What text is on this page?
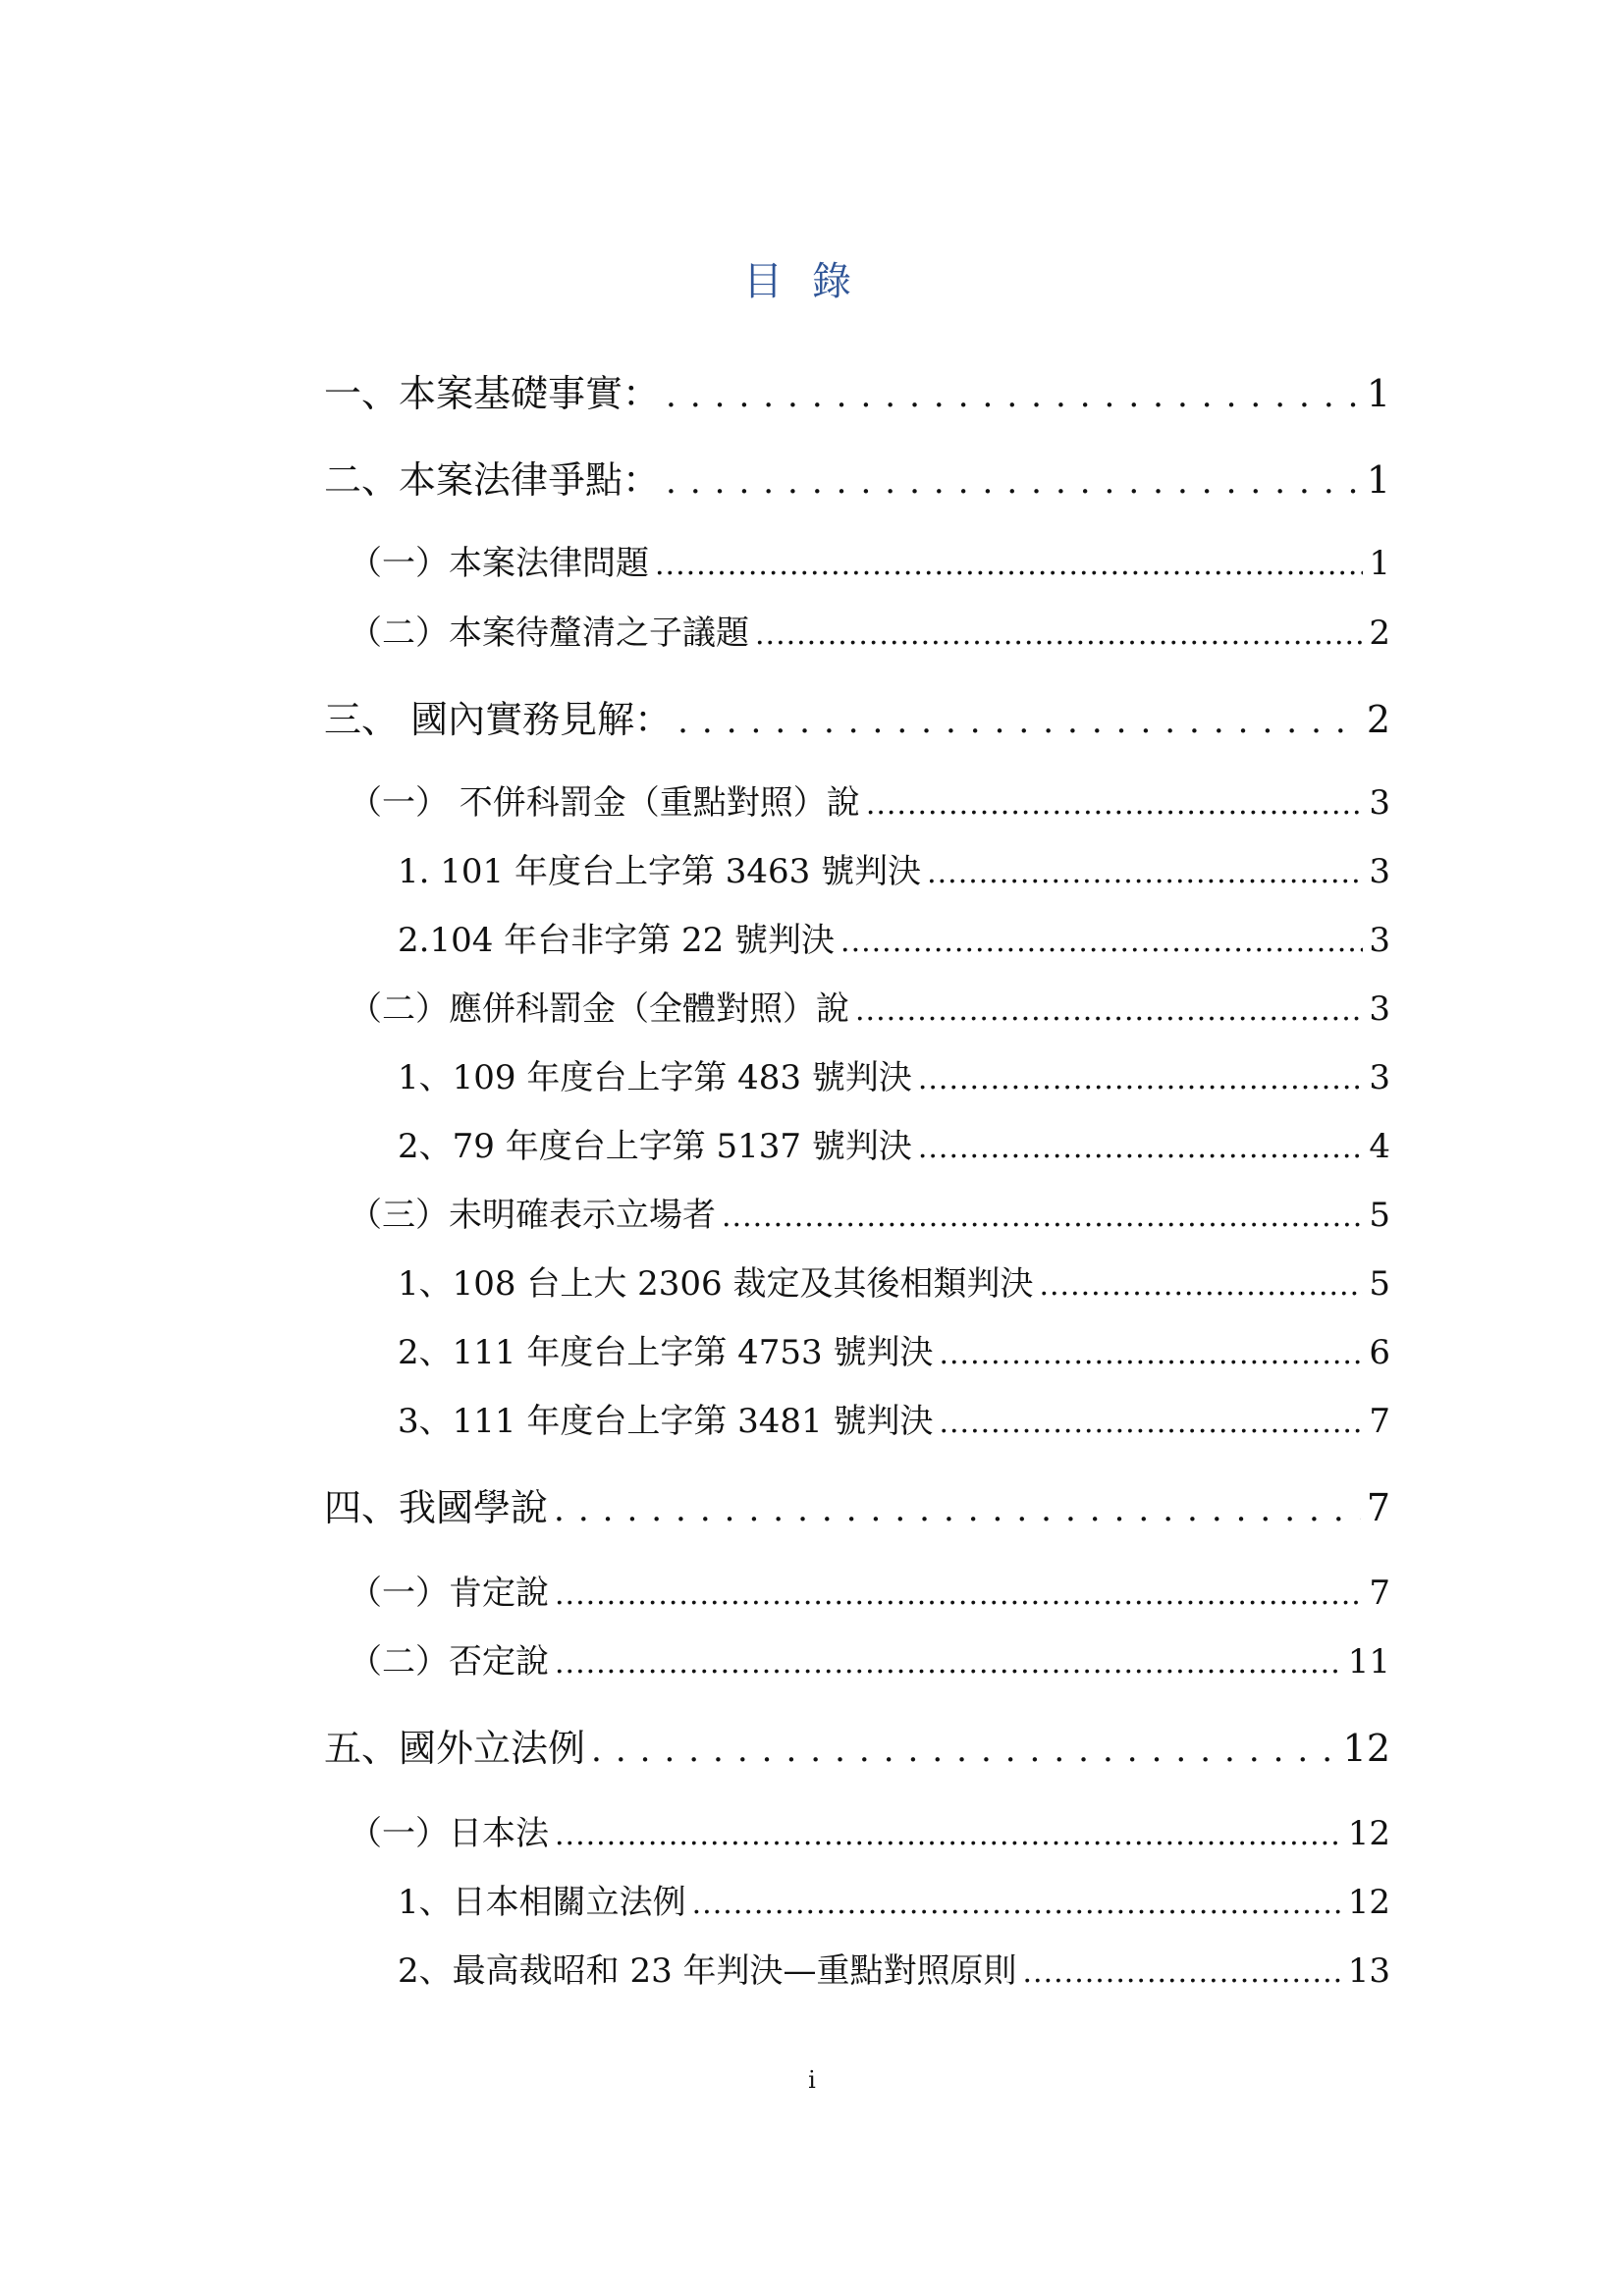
目錄
一、本案基礎事實： .....	1
二、本案法律爭點： .....	1
（一）本案法律問題 .....	1
（二）本案待釐清之子議題 .....	2
三、 國內實務見解： .....	2
（一） 不併科罰金（重點對照）說 .....	3
1. 101 年度台上字第 3463 號判決 .....	3
2.104 年台非字第 22 號判決 .....	3
（二）應併科罰金（全體對照）說 .....	3
1、109 年度台上字第 483 號判決 .....	3
2、79 年度台上字第 5137 號判決 .....	4
（三）未明確表示立場者 .....	5
1、108 台上大 2306 裁定及其後相類判決 .....	5
2、111 年度台上字第 4753 號判決 .....	6
3、111 年度台上字第 3481 號判決 .....	7
四、我國學說 .....	7
（一）肯定說 .....	7
（二）否定說 .....	11
五、國外立法例 .....	12
（一）日本法 .....	12
1、日本相關立法例 .....	12
2、最高裁昭和 23 年判決—重點對照原則 .....	13
i
